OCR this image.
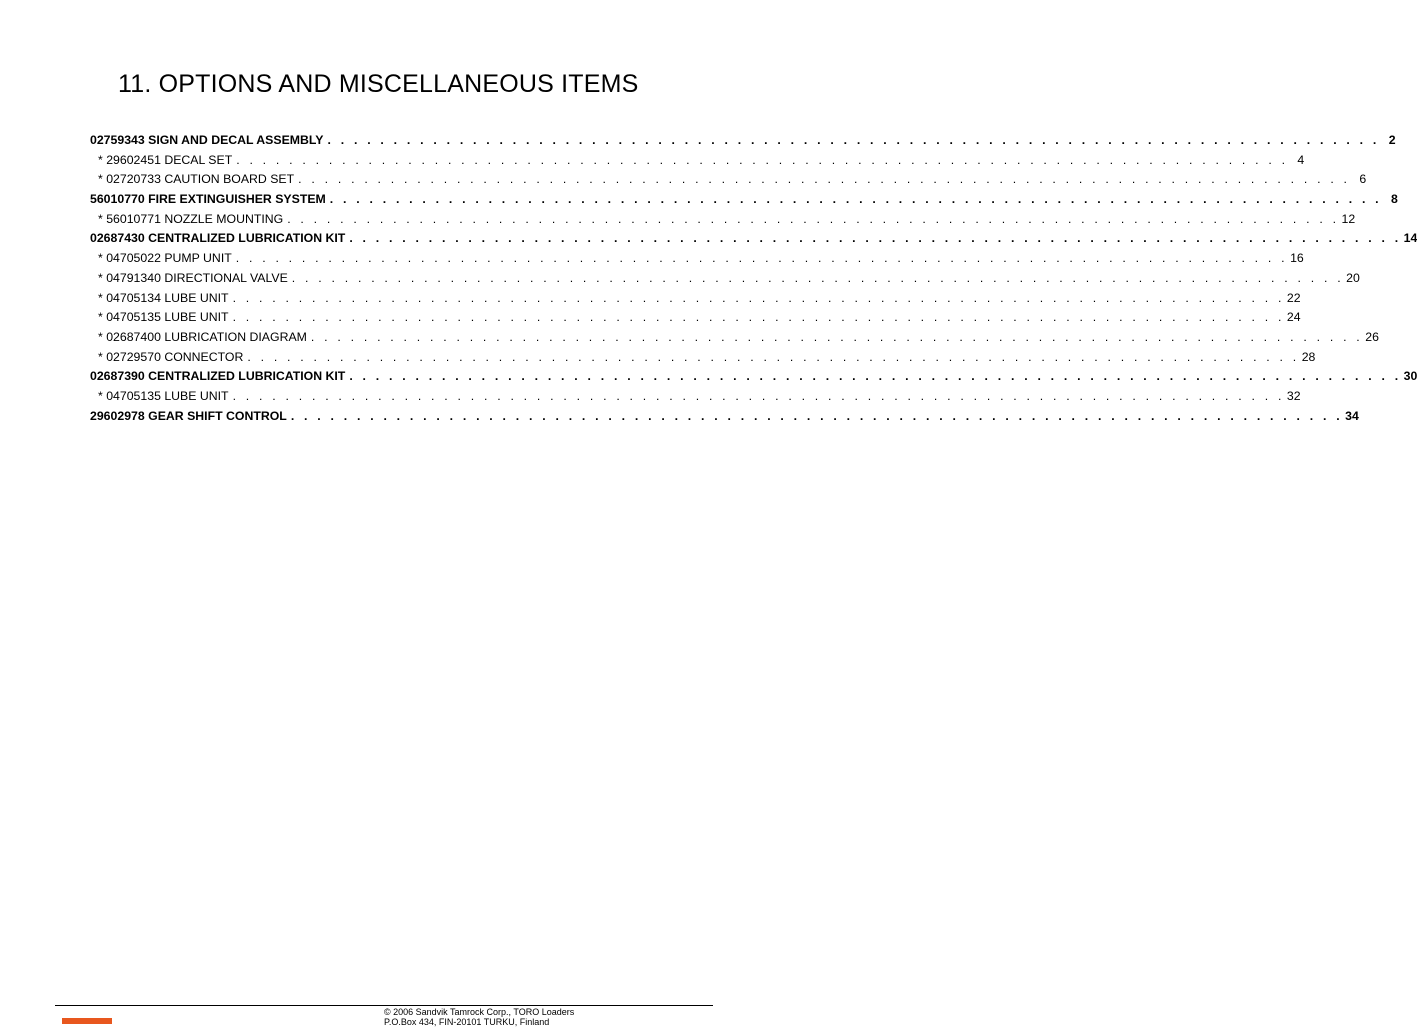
11. OPTIONS AND MISCELLANEOUS ITEMS
02759343 SIGN AND DECAL ASSEMBLY . . . . . . . . . . . . . . . . . . . . . . . . . . . . . . . . . . . . . . . . . . . . . . . . . . . . . . . . . . . . . . . . . . . . . . . . . . . . . . . . 2
* 29602451 DECAL SET . . . . . . . . . . . . . . . . . . . . . . . . . . . . . . . . . . . . . . . . . . . . . . . . . . . . . . . . . . . . . . . . . . . . . . . . . . . . . . . . 4
* 02720733 CAUTION BOARD SET . . . . . . . . . . . . . . . . . . . . . . . . . . . . . . . . . . . . . . . . . . . . . . . . . . . . . . . . . . . . . . . . . . . . . . . . . . . . . . . . 6
56010770 FIRE EXTINGUISHER SYSTEM . . . . . . . . . . . . . . . . . . . . . . . . . . . . . . . . . . . . . . . . . . . . . . . . . . . . . . . . . . . . . . . . . . . . . . . . . . . . . . . . 8
* 56010771 NOZZLE MOUNTING . . . . . . . . . . . . . . . . . . . . . . . . . . . . . . . . . . . . . . . . . . . . . . . . . . . . . . . . . . . . . . . . . . . . . . . . . . . . . . . . 12
02687430 CENTRALIZED LUBRICATION KIT . . . . . . . . . . . . . . . . . . . . . . . . . . . . . . . . . . . . . . . . . . . . . . . . . . . . . . . . . . . . . . . . . . . . . . . . . . . . . . . . 14
* 04705022 PUMP UNIT . . . . . . . . . . . . . . . . . . . . . . . . . . . . . . . . . . . . . . . . . . . . . . . . . . . . . . . . . . . . . . . . . . . . . . . . . . . . . . . . 16
* 04791340 DIRECTIONAL VALVE . . . . . . . . . . . . . . . . . . . . . . . . . . . . . . . . . . . . . . . . . . . . . . . . . . . . . . . . . . . . . . . . . . . . . . . . . . . . . . . . 20
* 04705134 LUBE UNIT . . . . . . . . . . . . . . . . . . . . . . . . . . . . . . . . . . . . . . . . . . . . . . . . . . . . . . . . . . . . . . . . . . . . . . . . . . . . . . . . 22
* 04705135 LUBE UNIT . . . . . . . . . . . . . . . . . . . . . . . . . . . . . . . . . . . . . . . . . . . . . . . . . . . . . . . . . . . . . . . . . . . . . . . . . . . . . . . . 24
* 02687400 LUBRICATION DIAGRAM . . . . . . . . . . . . . . . . . . . . . . . . . . . . . . . . . . . . . . . . . . . . . . . . . . . . . . . . . . . . . . . . . . . . . . . . . . . . . . . . 26
* 02729570 CONNECTOR . . . . . . . . . . . . . . . . . . . . . . . . . . . . . . . . . . . . . . . . . . . . . . . . . . . . . . . . . . . . . . . . . . . . . . . . . . . . . . . . 28
02687390 CENTRALIZED LUBRICATION KIT . . . . . . . . . . . . . . . . . . . . . . . . . . . . . . . . . . . . . . . . . . . . . . . . . . . . . . . . . . . . . . . . . . . . . . . . . . . . . . . . 30
* 04705135 LUBE UNIT . . . . . . . . . . . . . . . . . . . . . . . . . . . . . . . . . . . . . . . . . . . . . . . . . . . . . . . . . . . . . . . . . . . . . . . . . . . . . . . . 32
29602978 GEAR SHIFT CONTROL . . . . . . . . . . . . . . . . . . . . . . . . . . . . . . . . . . . . . . . . . . . . . . . . . . . . . . . . . . . . . . . . . . . . . . . . . . . . . . . . 34
© 2006 Sandvik Tamrock Corp., TORO Loaders
P.O.Box 434, FIN-20101 TURKU, Finland
